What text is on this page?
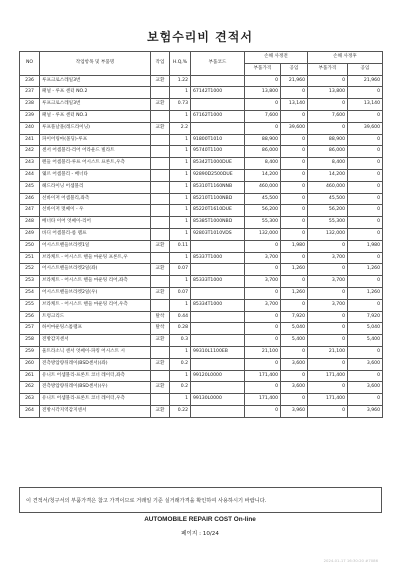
보험수리비 견적서
NO	작업항목 및 부품명	작업	H.Q,%	부품코드	손해 사정전		손해 사정후	
					부품가격	공임	부품가격	공임
236	루프크로스레일3번	교환	1.22		0	21,960	0	21,960
237	패널 - 루프 센터 NO.2		1	67142T1000	13,800	0	13,800	0
238	루프크로스레일3번	교환	0.73		0	13,140	0	13,140
239	패널 - 루프 센터 NO.3		1	67162T1000	7,600	0	7,600	0
240	루프플날몰(레드라이닝)	교환	2.2		0	39,600	0	39,600
241	파이어링마(몰딩)-루프		1	91800T1010	88,900	0	88,900	0
242	센서 어셈블리-리어 어라운드 빌라트		1	95740T1100	86,000	0	86,000	0
243	렌들 어셈블리-루프 어시스트 프론트,우측		1	85342T1000DUE	8,400	0	8,400	0
244	웨르 어셈블리 - 배너타		1	92890D2500DUE	14,200	0	14,200	0
245	헤드라이닝 어셈블리		1	85310T1160NNB	460,000	0	460,000	0
246	선바이저 어셈블리,좌측		1	85210T1100NBD	45,500	0	45,500	0
247	선바이저 멋쎄이 - 우		1	85220T1610DUE	56,200	0	56,200	0
248	베너타 이어 엇쎄이-리어		1	85385T1000NBD	55,300	0	55,300	0
249	바디 어셈블리-룸 램프		1	92803T1010VDS	132,000	0	132,000	0
250	어시스트핸들브라켓1일	교환	0.11		0	1,980	0	1,980
251	브라케트 - 어시스트 핸들 마운팅 프론트,우		1	85337T1000	3,700	0	3,700	0
252	어시스트핸들브라켓2일(좌)	교환	0.07		0	1,260	0	1,260
253	브라케트 - 어시스트 핸들 마운팅 리어,좌측		1	85333T1000	3,700	0	3,700	0
254	어시스트핸들브라켓2일(우)	교환	0.07		0	1,260	0	1,260
255	브라케트 - 어시스트 핸들 마운팅 리어,우측		1	85334T1000	3,700	0	3,700	0
256	트렁크리드	탈착	0.44		0	7,920	0	7,920
257	하이마운팅스톱램프	탈착	0.28		0	5,040	0	5,040
258	전방감지센서	교환	0.3		0	5,400	0	5,400
259	울트라소닉 센서 엇쎄이-파킹 어시스트 시		1	99310L1100EB	21,100	0	21,100	0
260	전측방압량뒤레이(BSD센서)(좌)	교환	0.2		0	3,600	0	3,600
261	유니트 어셈블리-프론트 코너 레이더,좌측		1	99120L0000	171,400	0	171,400	0
262	전측방압량뒤레이(BSD센서)(우)	교환	0.2		0	3,600	0	3,600
263	유니트 어셈블리-프론트 코너 레이더,우측		1	99130L0000	171,400	0	171,400	0
264	전방시각지역감지센서	교환	0.22		0	3,960	0	3,960
이 견적서/청구서의 부품가격은 참고 가격이므로 거래일 기준 실거래가격을 확인하여 사용하시기 바랍니다.
AUTOMOBILE REPAIR COST On-line
페이지 : 10/24
2024-01-17 16:30:20 #7086
